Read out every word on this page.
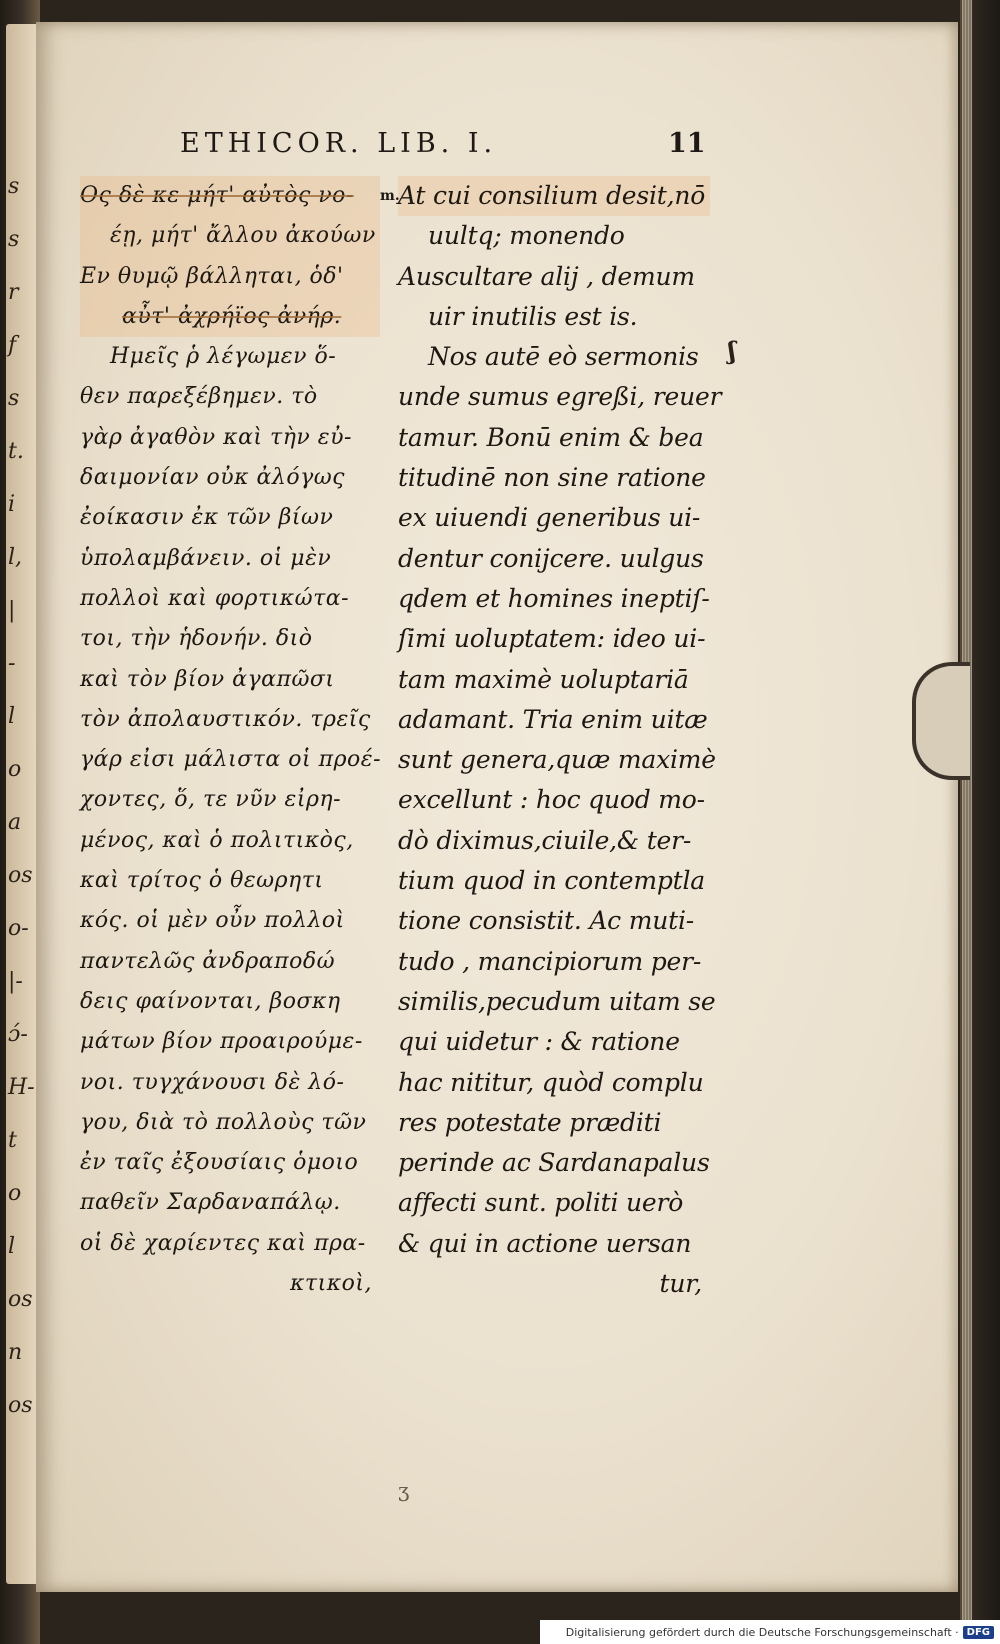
s
s
r
f
s
t.
i
l,
|
-
l
o
a
os
o-
|-
ɔ́-
H-
t
o
l
os
n
os
ETHICOR. LIB. I.	11
m.
ʃ
Ος δὲ κε μήτ' αὐτὸς νο-
έῃ, μήτ' ἄλλου ἀκούων
Εν θυμῷ βάλληται, ὁδ'
αὖτ' ἀχρήϊος ἀνήρ.
Ημεῖς ῥ λέγωμεν ὅ-
θεν παρεξέβημεν. τὸ
γὰρ ἀγαθὸν καὶ τὴν εὐ-
δαιμονίαν οὐκ ἀλόγως
ἐοίκασιν ἐκ τῶν βίων
ὑπολαμβάνειν. οἱ μὲν
πολλοὶ καὶ φορτικώτα-
τοι, τὴν ἡδονήν. διὸ
καὶ τὸν βίον ἀγαπῶσι
τὸν ἀπολαυστικόν. τρεῖς
γάρ εἰσι μάλιστα οἱ προέ-
χοντες, ὅ, τε νῦν εἰρη-
μένος, καὶ ὁ πολιτικὸς,
καὶ τρίτος ὁ θεωρητι
κός. οἱ μὲν οὖν πολλοὶ
παντελῶς ἀνδραποδώ
δεις φαίνονται, βοσκη
μάτων βίον προαιρούμε-
νοι. τυγχάνουσι δὲ λό-
γου, διὰ τὸ πολλοὺς τῶν
ἐν ταῖς ἐξουσίαις ὁμοιο
παθεῖν Σαρδαναπάλῳ.
οἱ δὲ χαρίεντες καὶ πρα-
κτικοὶ,
At cui consilium desit,nō
uultq; monendo
Auscultare alij , demum
uir inutilis est is.
Nos autē eò sermonis
unde sumus egreßi, reuer
tamur. Bonū enim & bea
titudinē non sine ratione
ex uiuendi generibus ui-
dentur conijcere. uulgus
qdem et homines ineptiſ-
ſimi uoluptatem: ideo ui-
tam maximè uoluptariā
adamant. Tria enim uitæ
sunt genera,quæ maximè
excellunt : hoc quod mo-
dò diximus,ciuile,& ter-
tium quod in contemptla
tione consistit. Ac muti-
tudo , mancipiorum per-
similis,pecudum uitam se
qui uidetur : & ratione
hac nititur, quòd complu
res potestate præditi
perinde ac Sardanapalus
affecti sunt. politi uerò
& qui in actione uersan
tur,
ʒ
Digitalisierung gefördert durch die Deutsche Forschungsgemeinschaft · DFG
